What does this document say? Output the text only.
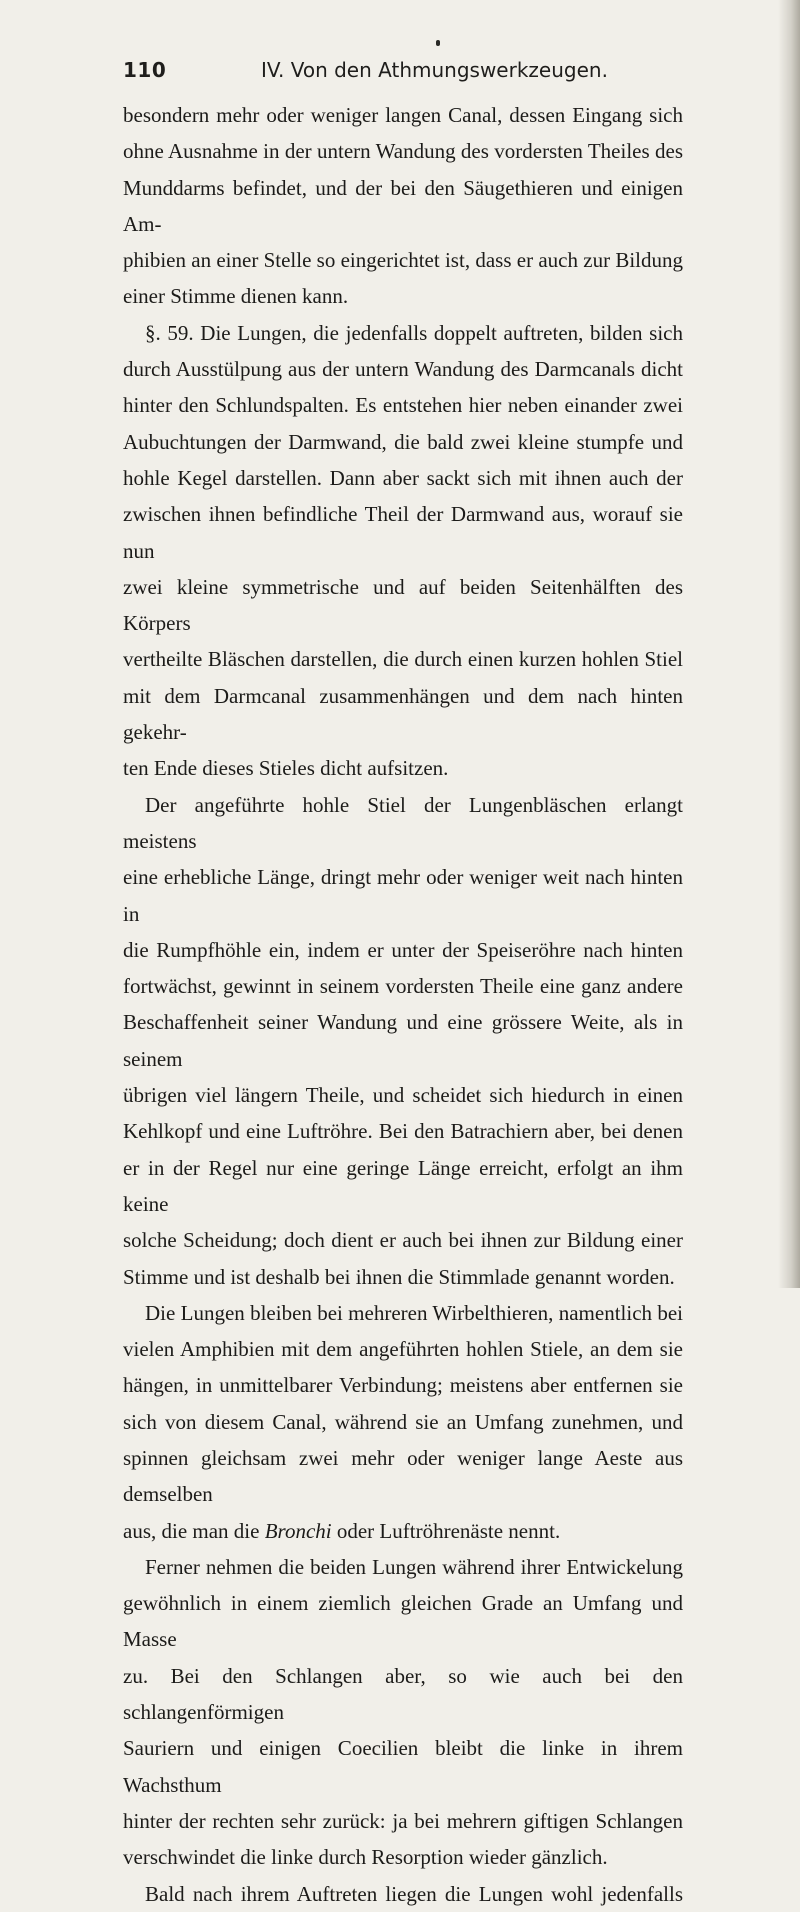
110	IV. Von den Athmungswerkzeugen.

besondern mehr oder weniger langen Canal, dessen Eingang sich

ohne Ausnahme in der untern Wandung des vordersten Theiles des

Munddarms befindet, und der bei den Säugethieren und einigen Am-

phibien an einer Stelle so eingerichtet ist, dass er auch zur Bildung

einer Stimme dienen kann.

§. 59. Die Lungen, die jedenfalls doppelt auftreten, bilden sich

durch Ausstülpung aus der untern Wandung des Darmcanals dicht

hinter den Schlundspalten. Es entstehen hier neben einander zwei

Aubuchtungen der Darmwand, die bald zwei kleine stumpfe und

hohle Kegel darstellen. Dann aber sackt sich mit ihnen auch der

zwischen ihnen befindliche Theil der Darmwand aus, worauf sie nun

zwei kleine symmetrische und auf beiden Seitenhälften des Körpers

vertheilte Bläschen darstellen, die durch einen kurzen hohlen Stiel

mit dem Darmcanal zusammenhängen und dem nach hinten gekehr-

ten Ende dieses Stieles dicht aufsitzen.

Der angeführte hohle Stiel der Lungenbläschen erlangt meistens

eine erhebliche Länge, dringt mehr oder weniger weit nach hinten in

die Rumpfhöhle ein, indem er unter der Speiseröhre nach hinten

fortwächst, gewinnt in seinem vordersten Theile eine ganz andere

Beschaffenheit seiner Wandung und eine grössere Weite, als in seinem

übrigen viel längern Theile, und scheidet sich hiedurch in einen

Kehlkopf und eine Luftröhre. Bei den Batrachiern aber, bei denen

er in der Regel nur eine geringe Länge erreicht, erfolgt an ihm keine

solche Scheidung; doch dient er auch bei ihnen zur Bildung einer

Stimme und ist deshalb bei ihnen die Stimmlade genannt worden.

Die Lungen bleiben bei mehreren Wirbelthieren, namentlich bei

vielen Amphibien mit dem angeführten hohlen Stiele, an dem sie

hängen, in unmittelbarer Verbindung; meistens aber entfernen sie

sich von diesem Canal, während sie an Umfang zunehmen, und

spinnen gleichsam zwei mehr oder weniger lange Aeste aus demselben

aus, die man die Bronchi oder Luftröhrenäste nennt.

Ferner nehmen die beiden Lungen während ihrer Entwickelung

gewöhnlich in einem ziemlich gleichen Grade an Umfang und Masse

zu. Bei den Schlangen aber, so wie auch bei den schlangenförmigen

Sauriern und einigen Coecilien bleibt die linke in ihrem Wachsthum

hinter der rechten sehr zurück: ja bei mehrern giftigen Schlangen

verschwindet die linke durch Resorption wieder gänzlich.

Bald nach ihrem Auftreten liegen die Lungen wohl jedenfalls
